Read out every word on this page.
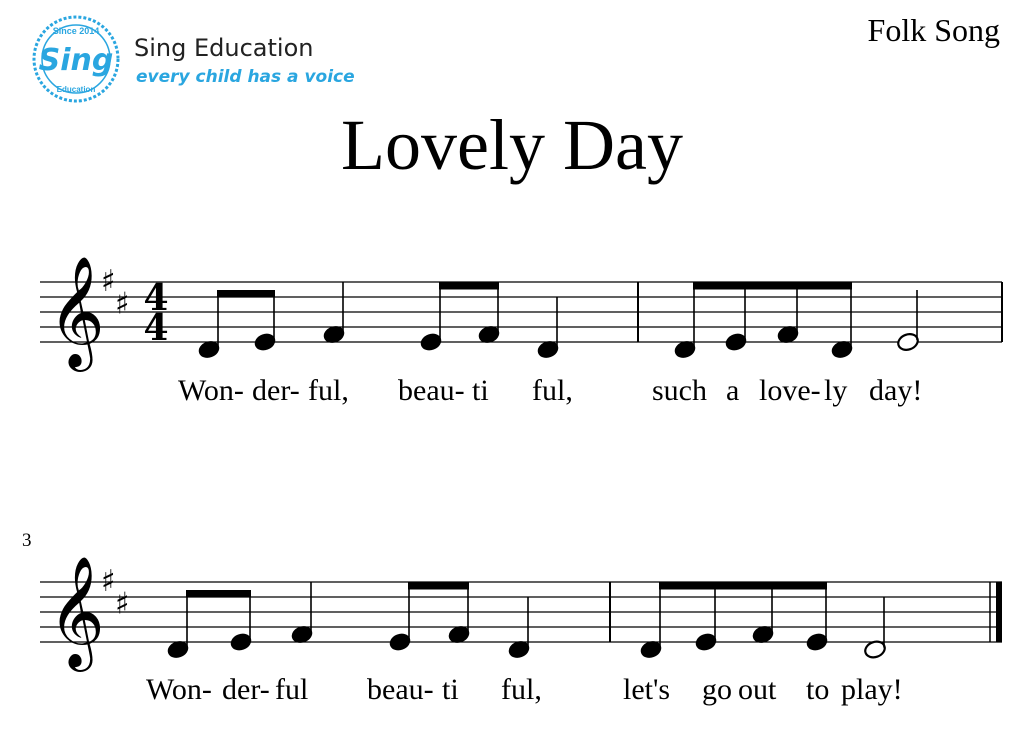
Since 2014
Sing
Education
Sing Education
every child has a voice
Folk Song
Lovely Day
𝄞
♯
♯ 4
4
Won- der- ful, beau- ti ful,	such a love- ly day!
3
𝄞
♯
♯
Won- der- ful beau- ti ful,	let's go out to play!
